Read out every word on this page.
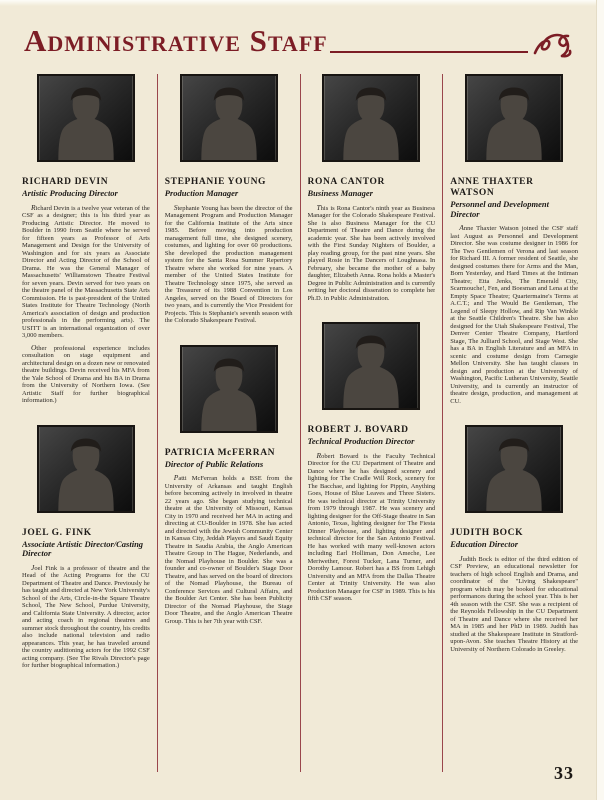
Administrative Staff
RICHARD DEVIN
Artistic Producing Director

Richard Devin is a twelve year veteran of the CSF as a designer; this is his third year as Producing Artistic Director. He moved to Boulder in 1990 from Seattle where he served for fifteen years as Professor of Arts Management and Design for the University of Washington and for six years as Associate Director and Acting Director of the School of Drama. He was the General Manager of Massachusetts' Williamstown Theatre Festival for seven years. Devin served for two years on the theatre panel of the Massachusetts State Arts Commission. He is past-president of the United States Institute for Theatre Technology (North America's association of design and production professionals in the performing arts). The USITT is an international organization of over 3,000 members.

Other professional experience includes consultation on stage equipment and architectural design on a dozen new or renovated theatre buildings. Devin received his MFA from the Yale School of Drama and his BA in Drama from the University of Northern Iowa. (See Artistic Staff for further biographical information.)

JOEL G. FINK
Associate Artistic Director/Casting Director

Joel Fink is a professor of theatre and the Head of the Acting Programs for the CU Department of Theatre and Dance. Previously he has taught and directed at New York University's School of the Arts, Circle-in-the Square Theatre School, The New School, Purdue University, and California State University. A director, actor and acting coach in regional theatres and summer stock throughout the country, his credits also include national television and radio appearances. This year, he has traveled around the country auditioning actors for the 1992 CSF acting company. (See The Rivals Director's page for further biographical information.)

STEPHANIE YOUNG
Production Manager

Stephanie Young has been the director of the Management Program and Production Manager for the California Institute of the Arts since 1985. Before moving into production management full time, she designed scenery, costumes, and lighting for over 60 productions. She developed the production management system for the Santa Rosa Summer Repertory Theatre where she worked for nine years. A member of the United States Institute for Theatre Technology since 1975, she served as the Treasurer of its 1988 Convention in Los Angeles, served on the Board of Directors for two years, and is currently the Vice President for Projects. This is Stephanie's seventh season with the Colorado Shakespeare Festival.

PATRICIA McFERRAN
Director of Public Relations

Patti McFerran holds a BSE from the University of Arkansas and taught English before becoming actively in involved in theatre 22 years ago. She began studying technical theatre at the University of Missouri, Kansas City in 1970 and received her MA in acting and directing at CU-Boulder in 1978. She has acted and directed with the Jewish Community Center in Kansas City, Jeddah Players and Saudi Equity Theatre in Saudia Arabia, the Anglo American Theatre Group in The Hague, Nederlands, and the Nomad Playhouse in Boulder. She was a founder and co-owner of Boulder's Stage Door Theatre, and has served on the board of directors of the Nomad Playhouse, the Bureau of Conference Services and Cultural Affairs, and the Boulder Art Center. She has been Publicity Director of the Nomad Playhouse, the Stage Door Theatre, and the Anglo American Theatre Group. This is her 7th year with CSF.

RONA CANTOR
Business Manager

This is Rona Cantor's ninth year as Business Manager for the Colorado Shakespeare Festival. She is also Business Manager for the CU Department of Theatre and Dance during the academic year. She has been actively involved with the First Sunday Nighters of Boulder, a play reading group, for the past nine years. She played Rosie in The Dancers of Loughnasa. In February, she became the mother of a baby daughter, Elizabeth Anna. Rona holds a Master's Degree in Public Administration and is currently writing her doctoral disseration to complete her Ph.D. in Public Administration.

ROBERT J. BOVARD
Technical Production Director

Robert Bovard is the Faculty Technical Director for the CU Department of Theatre and Dance where he has designed scenery and lighting for The Cradle Will Rock, scenery for The Bacchae, and lighting for Pippin, Anything Goes, House of Blue Leaves and Three Sisters. He was technical director at Trinity University from 1979 through 1987. He was scenery and lighting designer for the Off-Stage theatre in San Antonio, Texas, lighting designer for The Fiesta Dinner Playhouse, and lighting designer and technical director for the San Antonio Festival. He has worked with many well-known actors including Earl Holliman, Don Ameche, Lee Meriwether, Forest Tucker, Lana Turner, and Dorothy Lamour. Robert has a BS from Lehigh University and an MFA from the Dallas Theatre Center at Trinity University. He was also Production Manager for CSF in 1989. This is his fifth CSF season.

ANNE THAXTER WATSON
Personnel and Development Director

Anne Thaxter Watson joined the CSF staff last August as Personnel and Development Director. She was costume designer in 1986 for The Two Gentlemen of Verona and last season for Richard III. A former resident of Seattle, she designed costumes there for Arms and the Man, Born Yesterday, and Hard Times at the Intiman Theatre; Etta Jenks, The Emerald City, Scarmouche!, Fen, and Boesman and Lena at the Empty Space Theatre; Quartermaine's Terms at A.C.T.; and The Would Be Gentleman, The Legend of Sleepy Hollow, and Rip Van Winkle at the Seattle Children's Theatre. She has also designed for the Utah Shakespeare Festival, The Denver Center Theatre Company, Hartford Stage, The Julliard School, and Stage West. She has a BA in English Literature and an MFA in scenic and costume design from Carnegie Mellon University. She has taught classes in design and production at the University of Washington, Pacific Lutheran University, Seattle University, and is currently an instructor of theatre design, production, and management at CU.

JUDITH BOCK
Education Director

Judith Bock is editor of the third edition of CSF Preview, an educational newsletter for teachers of high school English and Drama, and coordinator of the "Living Shakespeare" program which may be booked for educational performances during the school year. This is her 4th season with the CSF. She was a recipient of the Reynolds Fellowship in the CU Department of Theatre and Dance where she received her MA in 1985 and her PhD in 1989. Judith has studied at the Shakespeare Institute in Stratford-upon-Avon. She teaches Theatre History at the University of Northern Colorado in Greeley.

33
